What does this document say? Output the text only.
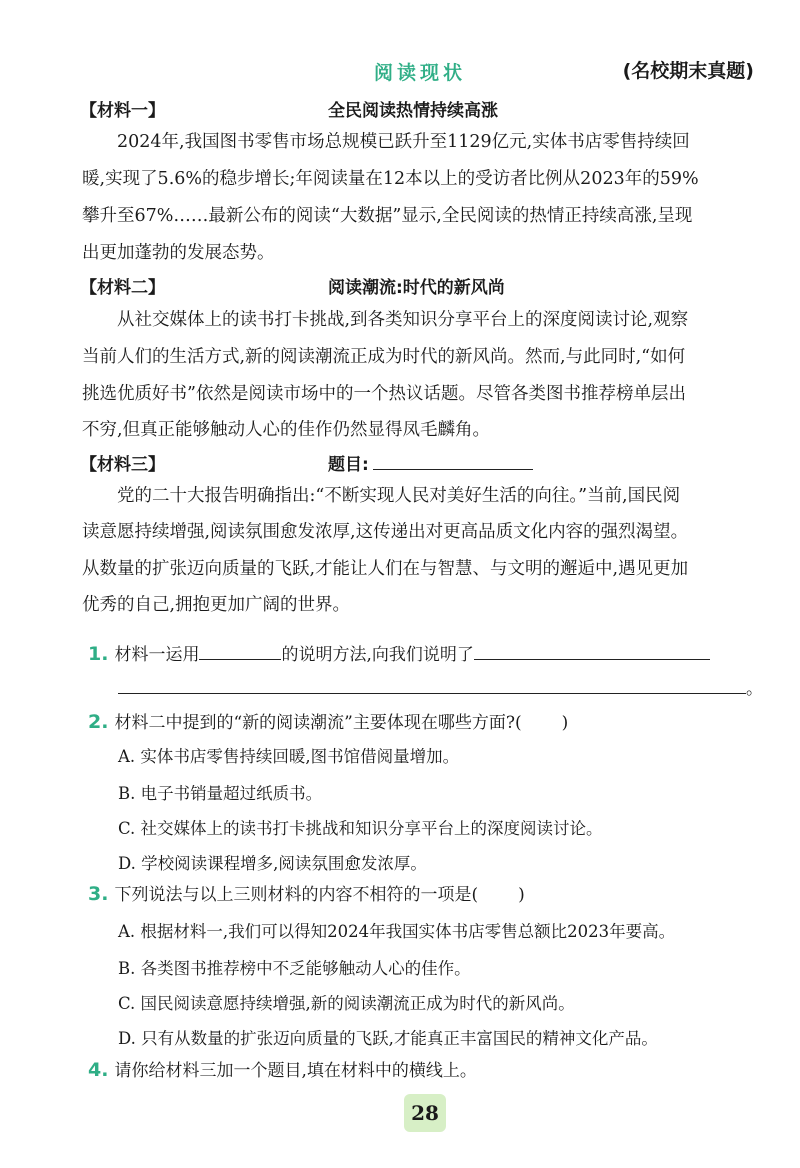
阅读现状	(名校期末真题)
【材料一】	全民阅读热情持续高涨
2024年,我国图书零售市场总规模已跃升至1129亿元,实体书店零售持续回
暖,实现了5.6%的稳步增长;年阅读量在12本以上的受访者比例从2023年的59%
攀升至67%……最新公布的阅读“大数据”显示,全民阅读的热情正持续高涨,呈现
出更加蓬勃的发展态势。
【材料二】	阅读潮流:时代的新风尚
从社交媒体上的读书打卡挑战,到各类知识分享平台上的深度阅读讨论,观察
当前人们的生活方式,新的阅读潮流正成为时代的新风尚。然而,与此同时,“如何
挑选优质好书”依然是阅读市场中的一个热议话题。尽管各类图书推荐榜单层出
不穷,但真正能够触动人心的佳作仍然显得凤毛麟角。
【材料三】	题目:
党的二十大报告明确指出:“不断实现人民对美好生活的向往。”当前,国民阅
读意愿持续增强,阅读氛围愈发浓厚,这传递出对更高品质文化内容的强烈渴望。
从数量的扩张迈向质量的飞跃,才能让人们在与智慧、与文明的邂逅中,遇见更加
优秀的自己,拥抱更加广阔的世界。
1. 材料一运用	的说明方法,向我们说明了
。
2. 材料二中提到的“新的阅读潮流”主要体现在哪些方面?( )
A. 实体书店零售持续回暖,图书馆借阅量增加。
B. 电子书销量超过纸质书。
C. 社交媒体上的读书打卡挑战和知识分享平台上的深度阅读讨论。
D. 学校阅读课程增多,阅读氛围愈发浓厚。
3. 下列说法与以上三则材料的内容不相符的一项是( )
A. 根据材料一,我们可以得知2024年我国实体书店零售总额比2023年要高。
B. 各类图书推荐榜中不乏能够触动人心的佳作。
C. 国民阅读意愿持续增强,新的阅读潮流正成为时代的新风尚。
D. 只有从数量的扩张迈向质量的飞跃,才能真正丰富国民的精神文化产品。
4. 请你给材料三加一个题目,填在材料中的横线上。
28
